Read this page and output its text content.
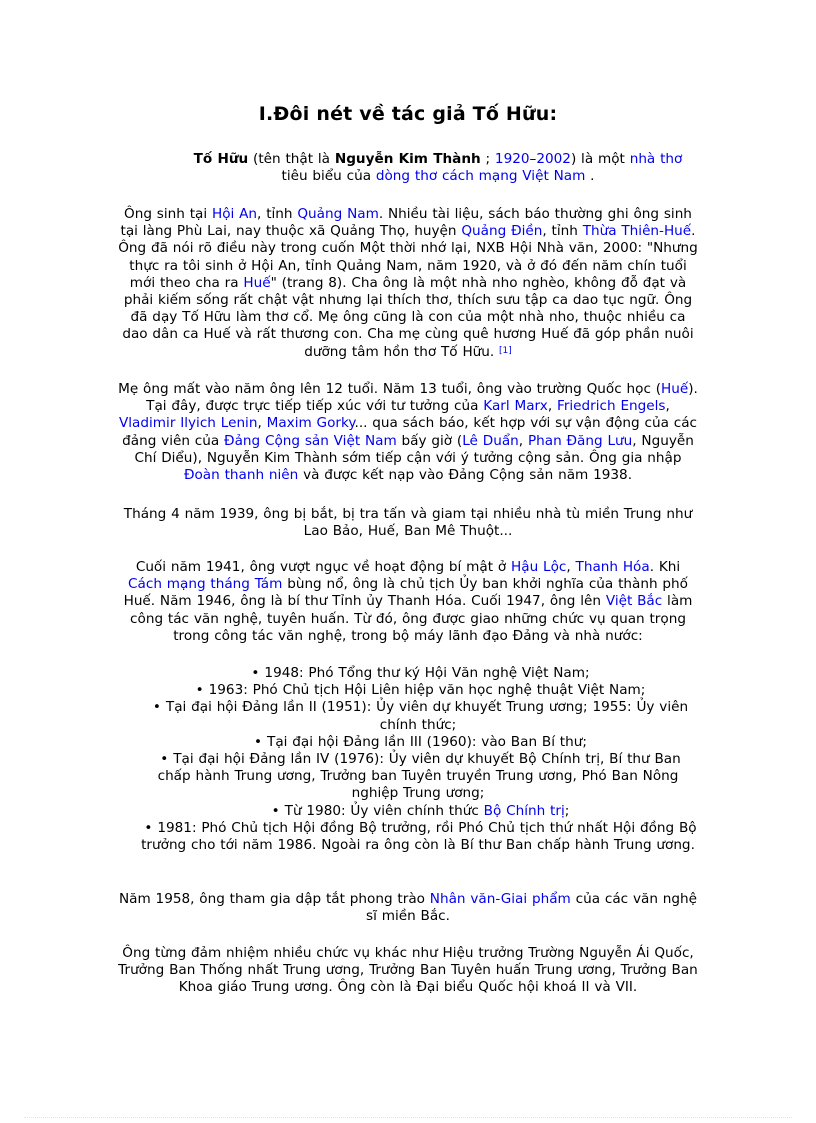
I.Đôi nét về tác giả Tố Hữu:
Tố Hữu (tên thật là Nguyễn Kim Thành ; 1920–2002) là một nhà thơ tiêu biểu của dòng thơ cách mạng Việt Nam .
Ông sinh tại Hội An, tỉnh Quảng Nam. Nhiều tài liệu, sách báo thường ghi ông sinh tại làng Phù Lai, nay thuộc xã Quảng Thọ, huyện Quảng Điền, tỉnh Thừa Thiên-Huế. Ông đã nói rõ điều này trong cuốn Một thời nhớ lại, NXB Hội Nhà văn, 2000: "Nhưng thực ra tôi sinh ở Hội An, tỉnh Quảng Nam, năm 1920, và ở đó đến năm chín tuổi mới theo cha ra Huế" (trang 8). Cha ông là một nhà nho nghèo, không đỗ đạt và phải kiếm sống rất chật vật nhưng lại thích thơ, thích sưu tập ca dao tục ngữ. Ông đã dạy Tố Hữu làm thơ cổ. Mẹ ông cũng là con của một nhà nho, thuộc nhiều ca dao dân ca Huế và rất thương con. Cha mẹ cùng quê hương Huế đã góp phần nuôi dưỡng tâm hồn thơ Tố Hữu. [1]
Mẹ ông mất vào năm ông lên 12 tuổi. Năm 13 tuổi, ông vào trường Quốc học (Huế). Tại đây, được trực tiếp tiếp xúc với tư tưởng của Karl Marx, Friedrich Engels, Vladimir Ilyich Lenin, Maxim Gorky... qua sách báo, kết hợp với sự vận động của các đảng viên của Đảng Cộng sản Việt Nam bấy giờ (Lê Duẩn, Phan Đăng Lưu, Nguyễn Chí Diểu), Nguyễn Kim Thành sớm tiếp cận với ý tưởng cộng sản. Ông gia nhập Đoàn thanh niên và được kết nạp vào Đảng Cộng sản năm 1938.
Tháng 4 năm 1939, ông bị bắt, bị tra tấn và giam tại nhiều nhà tù miền Trung như Lao Bảo, Huế, Ban Mê Thuột...
Cuối năm 1941, ông vượt ngục về hoạt động bí mật ở Hậu Lộc, Thanh Hóa. Khi Cách mạng tháng Tám bùng nổ, ông là chủ tịch Ủy ban khởi nghĩa của thành phố Huế. Năm 1946, ông là bí thư Tỉnh ủy Thanh Hóa. Cuối 1947, ông lên Việt Bắc làm công tác văn nghệ, tuyên huấn. Từ đó, ông được giao những chức vụ quan trọng trong công tác văn nghệ, trong bộ máy lãnh đạo Đảng và nhà nước:
• 1948: Phó Tổng thư ký Hội Văn nghệ Việt Nam;
• 1963: Phó Chủ tịch Hội Liên hiệp văn học nghệ thuật Việt Nam;
• Tại đại hội Đảng lần II (1951): Ủy viên dự khuyết Trung ương; 1955: Ủy viên chính thức;
• Tại đại hội Đảng lần III (1960): vào Ban Bí thư;
• Tại đại hội Đảng lần IV (1976): Ủy viên dự khuyết Bộ Chính trị, Bí thư Ban chấp hành Trung ương, Trưởng ban Tuyên truyền Trung ương, Phó Ban Nông nghiệp Trung ương;
• Từ 1980: Ủy viên chính thức Bộ Chính trị;
• 1981: Phó Chủ tịch Hội đồng Bộ trưởng, rồi Phó Chủ tịch thứ nhất Hội đồng Bộ trưởng cho tới năm 1986. Ngoài ra ông còn là Bí thư Ban chấp hành Trung ương.
Năm 1958, ông tham gia dập tắt phong trào Nhân văn-Giai phẩm của các văn nghệ sĩ miền Bắc.
Ông từng đảm nhiệm nhiều chức vụ khác như Hiệu trưởng Trường Nguyễn Ái Quốc, Trưởng Ban Thống nhất Trung ương, Trưởng Ban Tuyên huấn Trung ương, Trưởng Ban Khoa giáo Trung ương. Ông còn là Đại biểu Quốc hội khoá II và VII.
